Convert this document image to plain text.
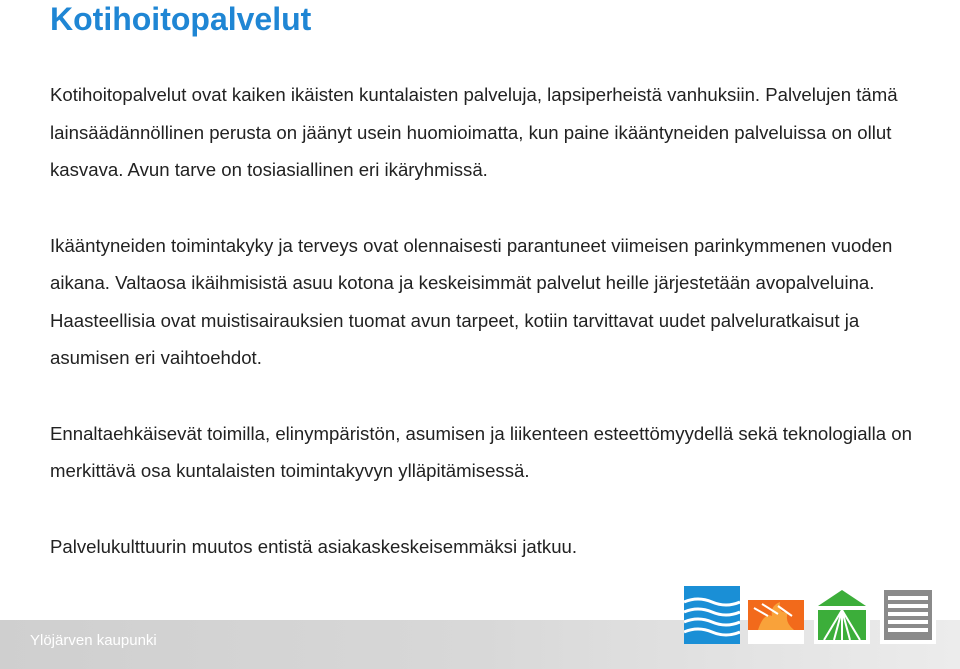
Kotihoitopalvelut

Kotihoitopalvelut ovat kaiken ikäisten kuntalaisten palveluja, lapsiperheistä vanhuksiin. Palvelujen tämä lainsäädännöllinen perusta on jäänyt usein huomioimatta, kun paine ikääntyneiden palveluissa on ollut kasvava. Avun tarve on tosiasiallinen eri ikäryhmissä.

Ikääntyneiden toimintakyky ja terveys ovat olennaisesti parantuneet viimeisen parinkymmenen vuoden aikana. Valtaosa ikäihmisistä asuu kotona ja keskeisimmät palvelut heille järjestetään avopalveluina. Haasteellisia ovat muistisairauksien tuomat avun tarpeet, kotiin tarvittavat uudet palveluratkaisut ja asumisen eri vaihtoehdot.

Ennaltaehkäisevät toimilla, elinympäristön, asumisen ja liikenteen esteettömyydellä sekä teknologialla on merkittävä osa kuntalaisten toimintakyvyn ylläpitämisessä.

Palvelukulttuurin muutos entistä asiakaskeskeisemmäksi jatkuu.

Ylöjärven kaupunki
